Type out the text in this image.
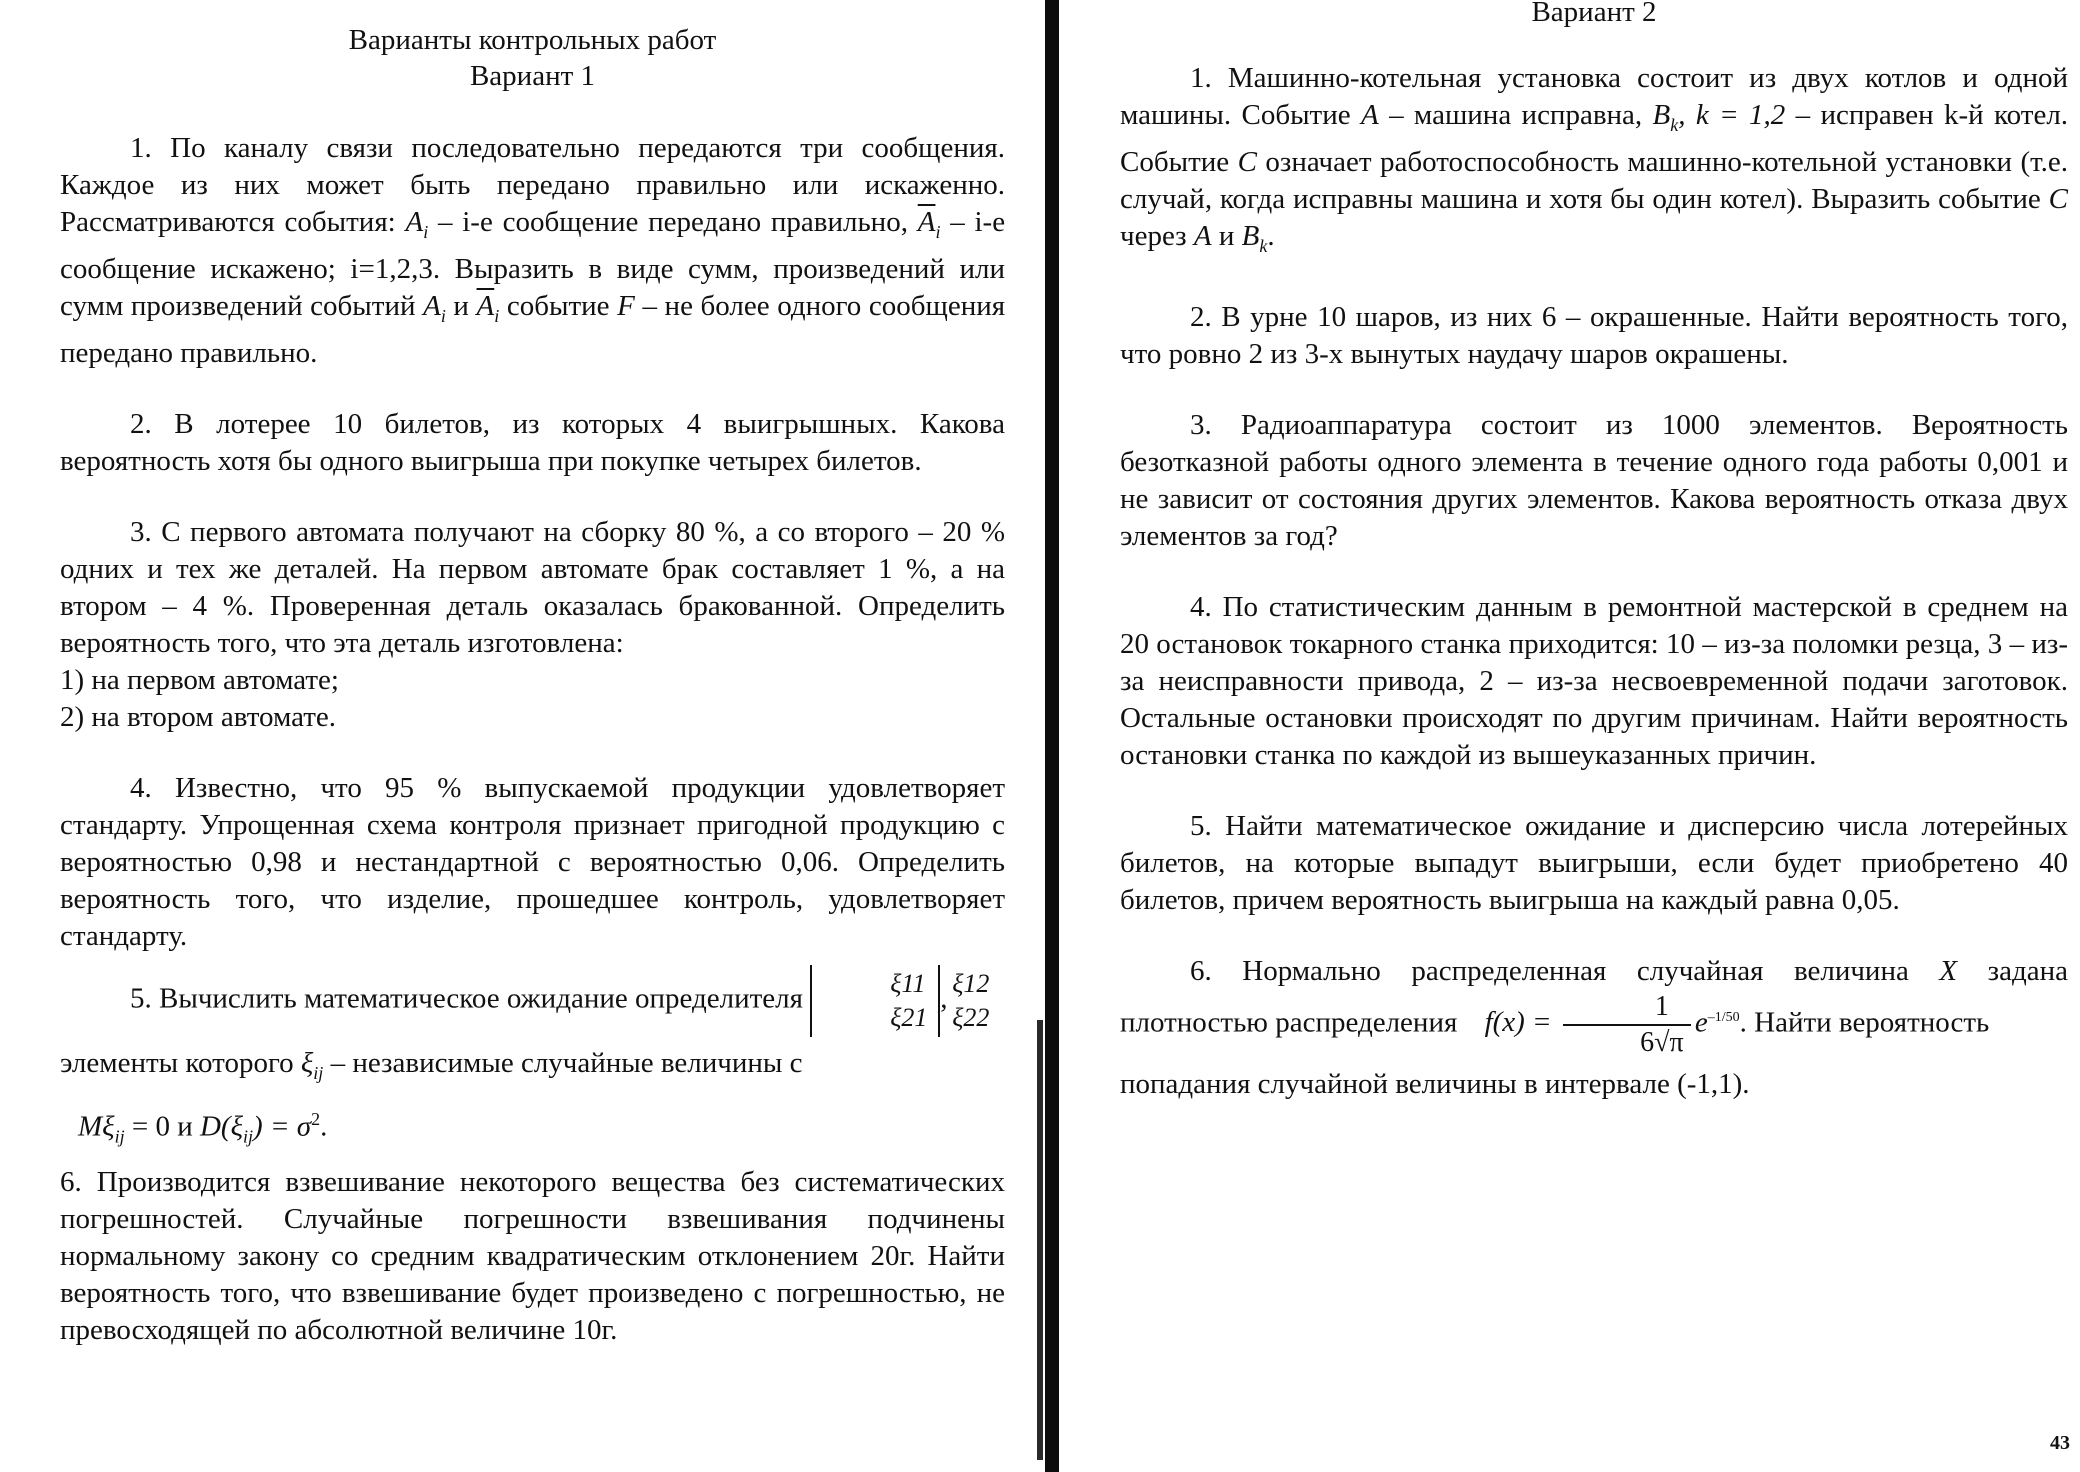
Варианты контрольных работ

Вариант 1

1. По каналу связи последовательно передаются три сообщения. Каждое из них может быть передано правильно или искаженно. Рассматриваются события: $A_i - i-е$ сообщение передано правильно, $\overline{A}_i - i-е$ сообщение искажено; i=1,2,3. Выразить в виде сумм, произведений или сумм произведений событий $A_i$ и $\overline{A}_i$ событие F – не более одного сообщения передано правильно.

2. В лотерее 10 билетов, из которых 4 выигрышных. Какова вероятность хотя бы одного выигрыша при покупке четырех билетов.

3. С первого автомата получают на сборку 80 %, а со второго – 20 % одних и тех же деталей. На первом автомате брак составляет 1 %, а на втором – 4 %. Проверенная деталь оказалась бракованной. Определить вероятность того, что эта деталь изготовлена:

1) на первом автомате;

2) на втором автомате.

4. Известно, что 95 % выпускаемой продукции удовлетворяет стандарту. Упрощенная схема контроля признает пригодной продукцию с вероятностью 0,98 и нестандартной с вероятностью 0,06. Определить вероятность того, что изделие, прошедшее контроль, удовлетворяет стандарту.

5. Вычислить математическое ожидание определителя	ξ11	ξ12
ξ21 ξ22
,

элементы которого $\xi_{ij}$ – независимые случайные величины с

$M\xi_{ij} = 0$ и $D(\xi_{ij}) = \sigma^2$.

6. Производится взвешивание некоторого вещества без систематических погрешностей. Случайные погрешности взвешивания подчинены нормальному закону со средним квадратическим отклонением 20г. Найти вероятность того, что взвешивание будет произведено с погрешностью, не превосходящей по абсолютной величине 10г.

Вариант 2

1. Машинно-котельная установка состоит из двух котлов и одной машины. Событие A – машина исправна, $B_k$, k = 1,2 – исправен k-й котел. Событие C означает работоспособность машинно-котельной установки (т.е. случай, когда исправны машина и хотя бы один котел). Выразить событие C через A и $B_k$.

2. В урне 10 шаров, из них 6 – окрашенные. Найти вероятность того, что ровно 2 из 3-х вынутых наудачу шаров окрашены.

3. Радиоаппаратура состоит из 1000 элементов. Вероятность безотказной работы одного элемента в течение одного года работы 0,001 и не зависит от состояния других элементов. Какова вероятность отказа двух элементов за год?

4. По статистическим данным в ремонтной мастерской в среднем на 20 остановок токарного станка приходится: 10 – из-за поломки резца, 3 – из-за неисправности привода, 2 – из-за несвоевременной подачи заготовок. Остальные остановки происходят по другим причинам. Найти вероятность остановки станка по каждой из вышеуказанных причин.

5. Найти математическое ожидание и дисперсию числа лотерейных билетов, на которые выпадут выигрыши, если будет приобретено 40 билетов, причем вероятность выигрыша на каждый равна 0,05.

6. Нормально распределенная случайная величина X задана плотностью распределения $f(x) = \frac{1}{6√\pi} e^{-1/50}$. Найти вероятность

попадания случайной величины в интервале (-1,1).

43
